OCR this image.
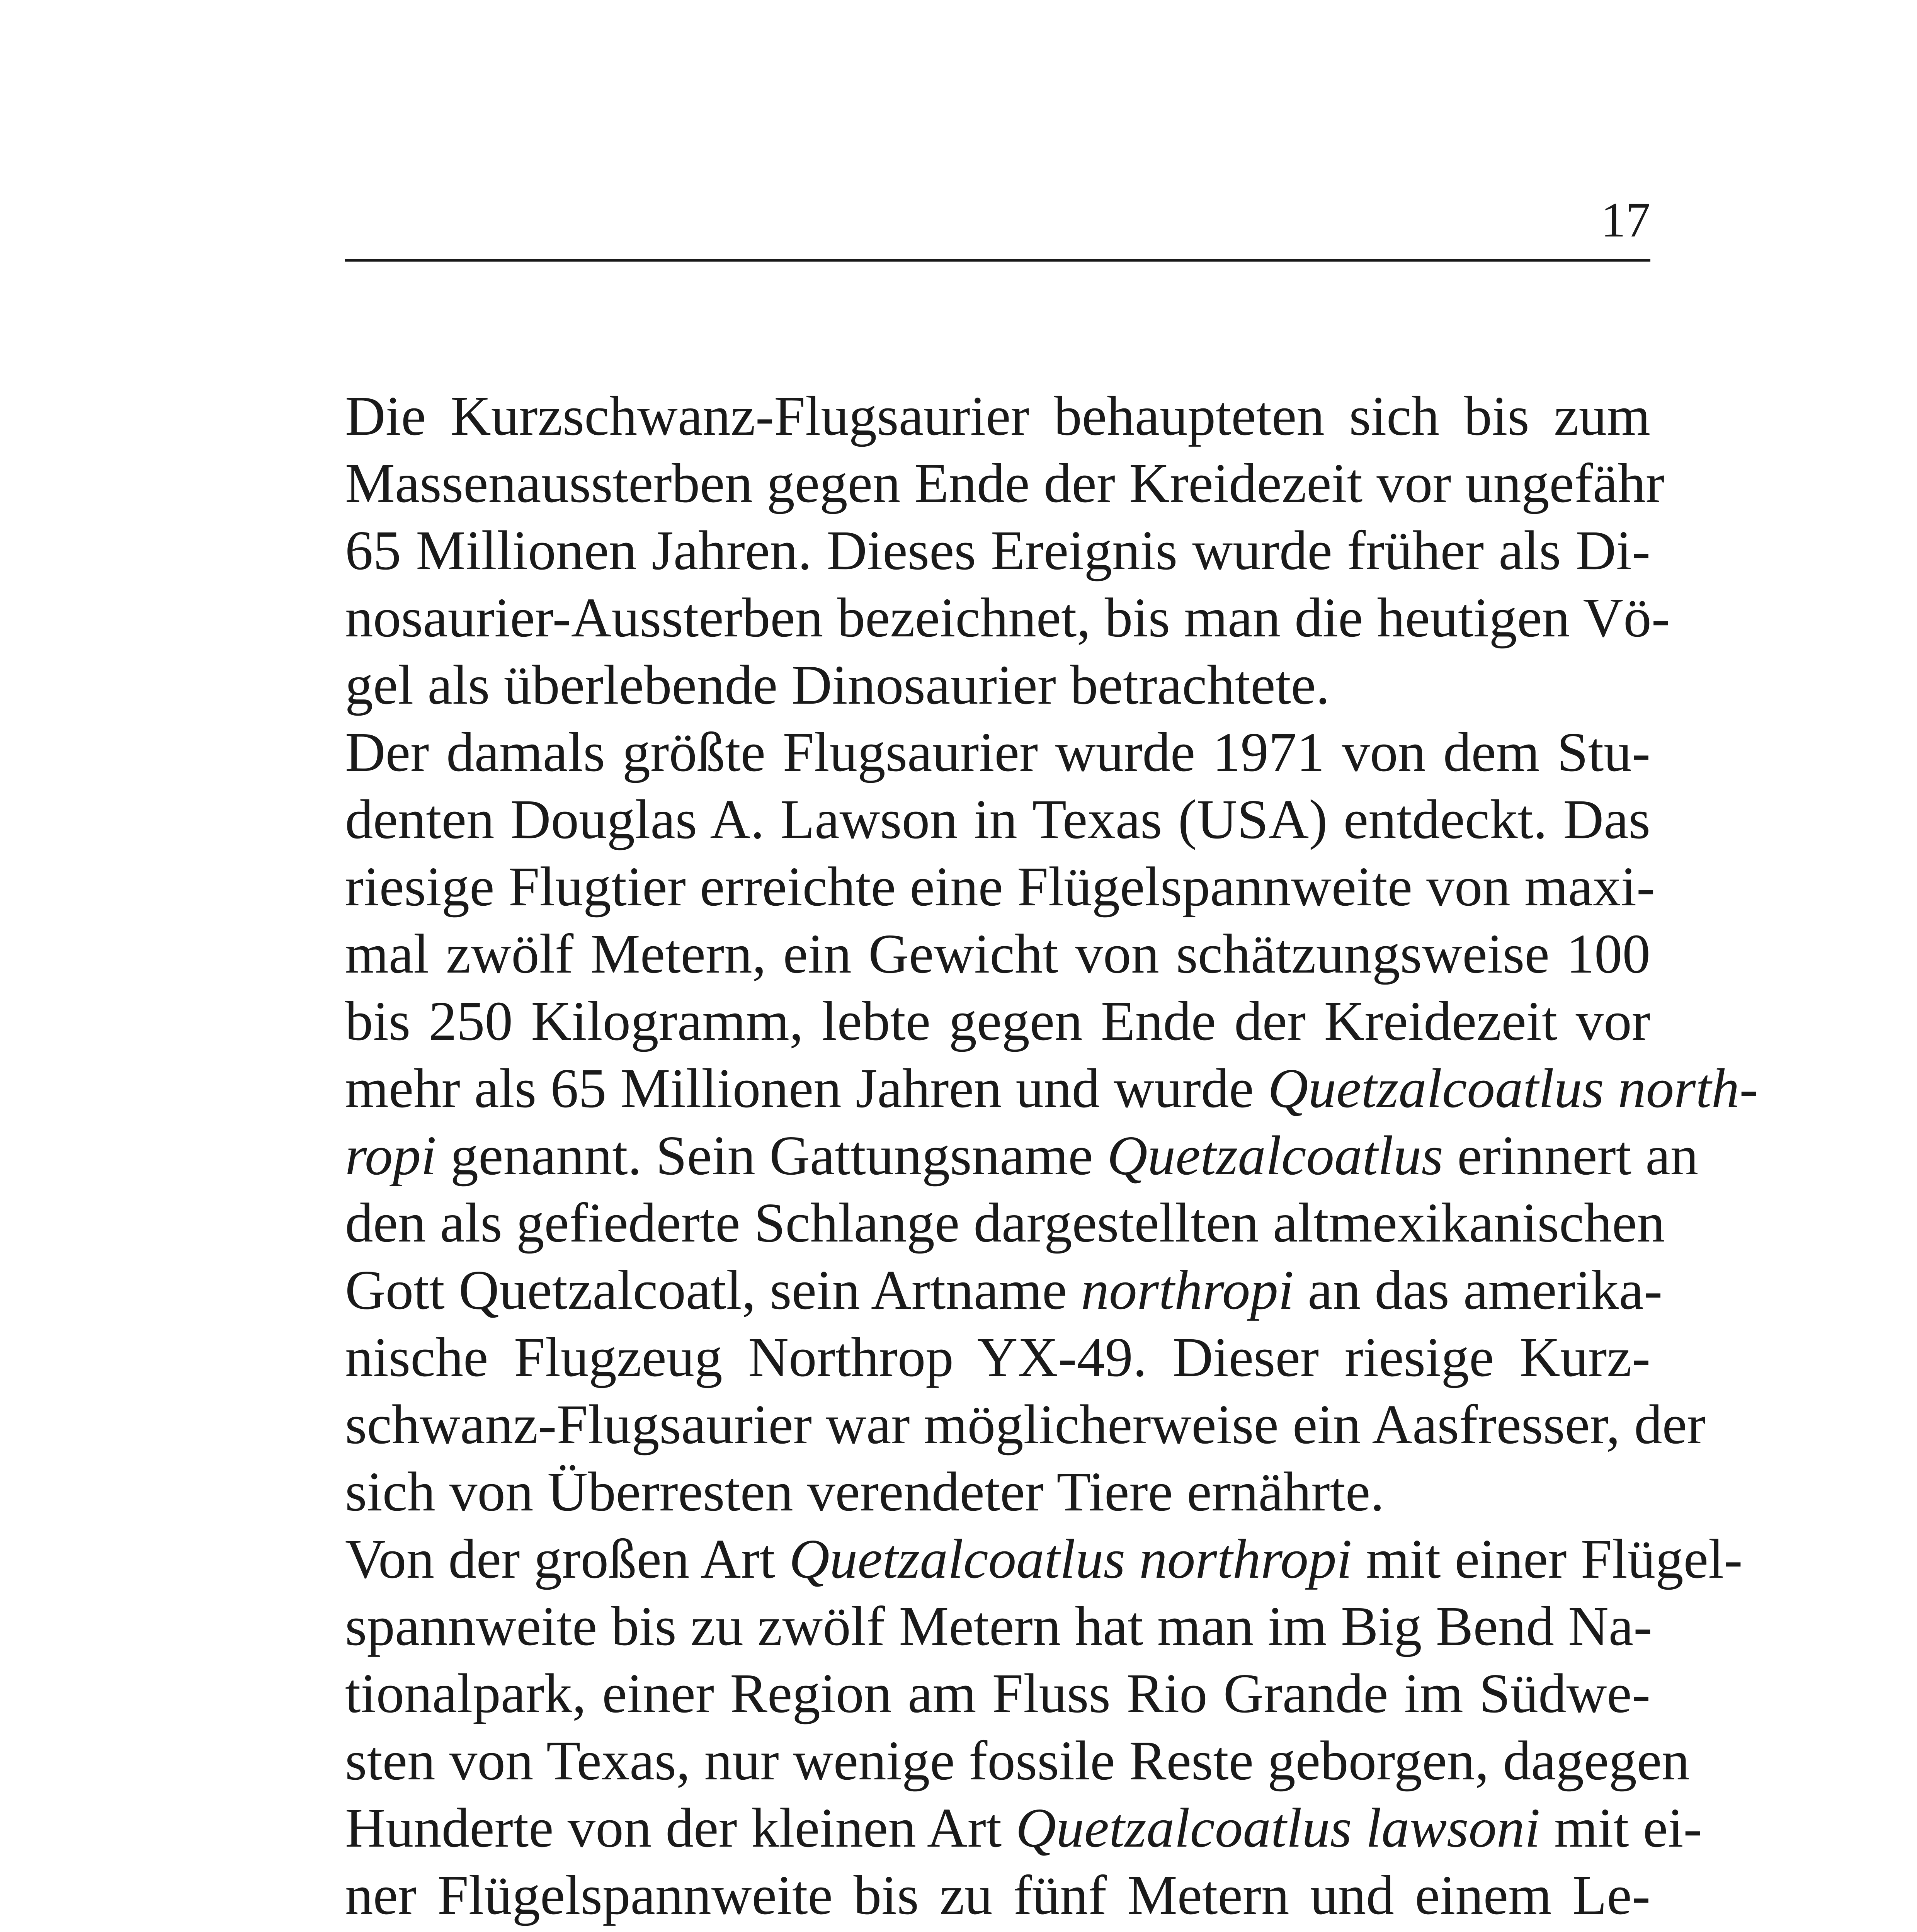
17
Die Kurzschwanz-Flugsaurier behaupteten sich bis zum
Massenaussterben gegen Ende der Kreidezeit vor ungefähr
65 Millionen Jahren. Dieses Ereignis wurde früher als Di-
nosaurier-Aussterben bezeichnet, bis man die heutigen Vö-
gel als überlebende Dinosaurier betrachtete.
Der damals größte Flugsaurier wurde 1971 von dem Stu-
denten Douglas A. Lawson in Texas (USA) entdeckt. Das
riesige Flugtier erreichte eine Flügelspannweite von maxi-
mal zwölf Metern, ein Gewicht von schätzungsweise 100
bis 250 Kilogramm, lebte gegen Ende der Kreidezeit vor
mehr als 65 Millionen Jahren und wurde Quetzalcoatlus north-
ropi genannt. Sein Gattungsname Quetzalcoatlus erinnert an
den als gefiederte Schlange dargestellten altmexikanischen
Gott Quetzalcoatl, sein Artname northropi an das amerika-
nische Flugzeug Northrop YX-49. Dieser riesige Kurz-
schwanz-Flugsaurier war möglicherweise ein Aasfresser, der
sich von Überresten verendeter Tiere ernährte.
Von der großen Art Quetzalcoatlus northropi mit einer Flügel-
spannweite bis zu zwölf Metern hat man im Big Bend Na-
tionalpark, einer Region am Fluss Rio Grande im Südwe-
sten von Texas, nur wenige fossile Reste geborgen, dagegen
Hunderte von der kleinen Art Quetzalcoatlus lawsoni mit ei-
ner Flügelspannweite bis zu fünf Metern und einem Le-
